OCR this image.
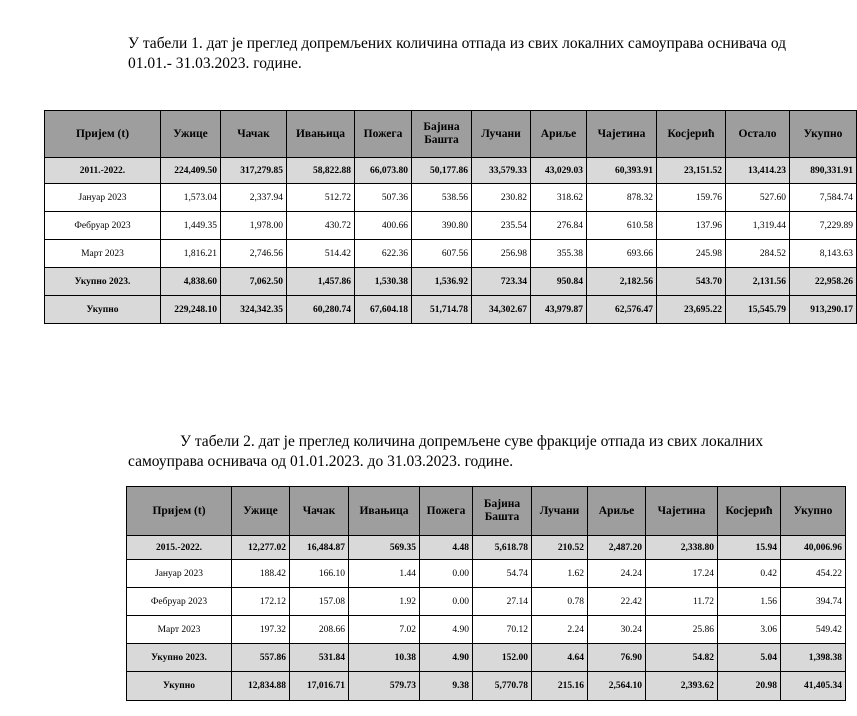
У табели 1. дат је преглед допремљених количина отпада из свих локалних самоуправа оснивача од 01.01.- 31.03.2023. године.

Пријем (t)	Ужице	Чачак	Ивањица	Пожега	Бајина Башта	Лучани	Ариље	Чајетина	Косјерић	Остало	Укупно
2011.-2022.	224,409.50	317,279.85	58,822.88	66,073.80	50,177.86	33,579.33	43,029.03	60,393.91	23,151.52	13,414.23	890,331.91
Јануар 2023	1,573.04	2,337.94	512.72	507.36	538.56	230.82	318.62	878.32	159.76	527.60	7,584.74
Фебруар 2023	1,449.35	1,978.00	430.72	400.66	390.80	235.54	276.84	610.58	137.96	1,319.44	7,229.89
Март 2023	1,816.21	2,746.56	514.42	622.36	607.56	256.98	355.38	693.66	245.98	284.52	8,143.63
Укупно 2023.	4,838.60	7,062.50	1,457.86	1,530.38	1,536.92	723.34	950.84	2,182.56	543.70	2,131.56	22,958.26
Укупно	229,248.10	324,342.35	60,280.74	67,604.18	51,714.78	34,302.67	43,979.87	62,576.47	23,695.22	15,545.79	913,290.17

У табели 2. дат је преглед количина допремљене суве фракције отпада из свих локалних самоуправа оснивача од 01.01.2023. до 31.03.2023. године.

Пријем (t)	Ужице	Чачак	Ивањица	Пожега	Бајина Башта	Лучани	Ариље	Чајетина	Косјерић	Укупно
2015.-2022.	12,277.02	16,484.87	569.35	4.48	5,618.78	210.52	2,487.20	2,338.80	15.94	40,006.96
Јануар 2023	188.42	166.10	1.44	0.00	54.74	1.62	24.24	17.24	0.42	454.22
Фебруар 2023	172.12	157.08	1.92	0.00	27.14	0.78	22.42	11.72	1.56	394.74
Март 2023	197.32	208.66	7.02	4.90	70.12	2.24	30.24	25.86	3.06	549.42
Укупно 2023.	557.86	531.84	10.38	4.90	152.00	4.64	76.90	54.82	5.04	1,398.38
Укупно	12,834.88	17,016.71	579.73	9.38	5,770.78	215.16	2,564.10	2,393.62	20.98	41,405.34
